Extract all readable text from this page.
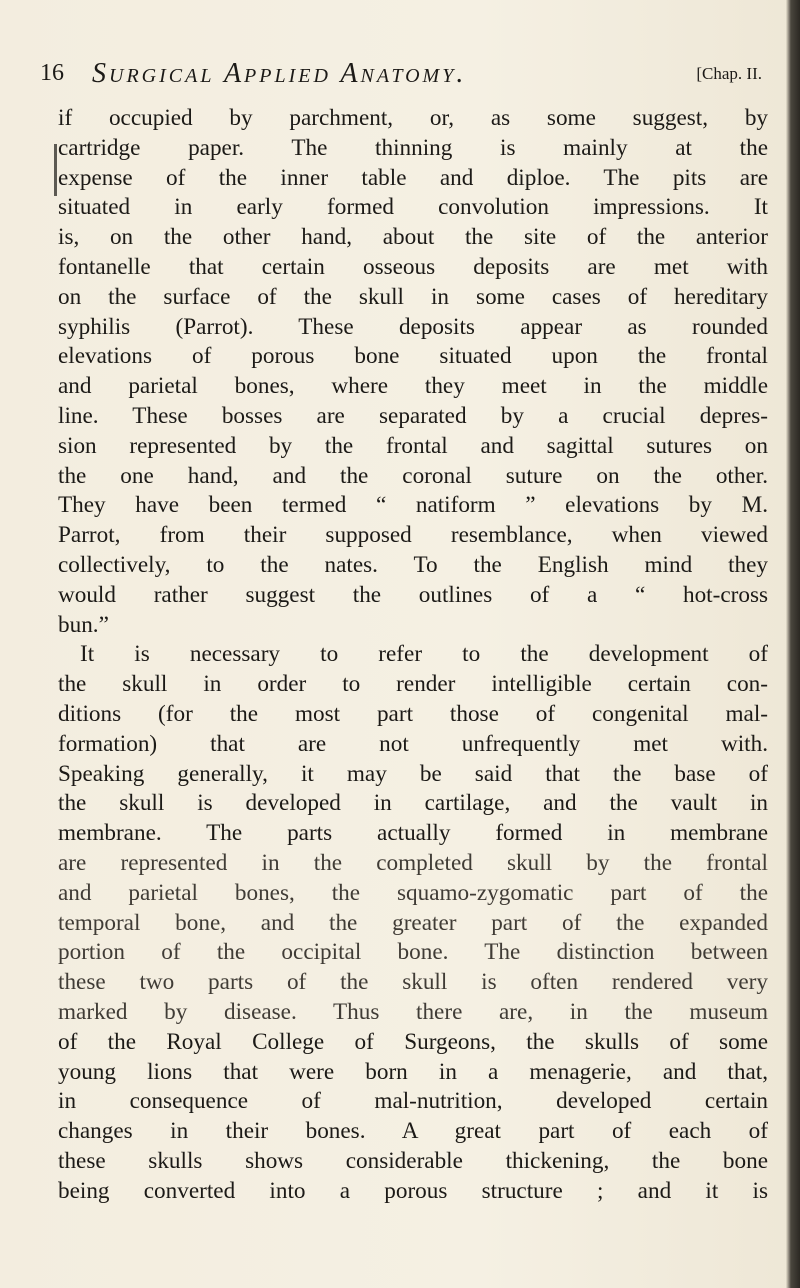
16 Surgical Applied Anatomy.	[Chap. II.
if occupied by parchment, or, as some suggest, by
cartridge paper. The thinning is mainly at the
expense of the inner table and diploe. The pits are
situated in early formed convolution impressions. It
is, on the other hand, about the site of the anterior
fontanelle that certain osseous deposits are met with
on the surface of the skull in some cases of hereditary
syphilis (Parrot). These deposits appear as rounded
elevations of porous bone situated upon the frontal
and parietal bones, where they meet in the middle
line. These bosses are separated by a crucial depres-
sion represented by the frontal and sagittal sutures on
the one hand, and the coronal suture on the other.
They have been termed “ natiform ” elevations by M.
Parrot, from their supposed resemblance, when viewed
collectively, to the nates. To the English mind they
would rather suggest the outlines of a “ hot-cross
bun.”
It is necessary to refer to the development of
the skull in order to render intelligible certain con-
ditions (for the most part those of congenital mal-
formation) that are not unfrequently met with.
Speaking generally, it may be said that the base of
the skull is developed in cartilage, and the vault in
membrane. The parts actually formed in membrane
are represented in the completed skull by the frontal
and parietal bones, the squamo-zygomatic part of the
temporal bone, and the greater part of the expanded
portion of the occipital bone. The distinction between
these two parts of the skull is often rendered very
marked by disease. Thus there are, in the museum
of the Royal College of Surgeons, the skulls of some
young lions that were born in a menagerie, and that,
in consequence of mal-nutrition, developed certain
changes in their bones. A great part of each of
these skulls shows considerable thickening, the bone
being converted into a porous structure ; and it is
